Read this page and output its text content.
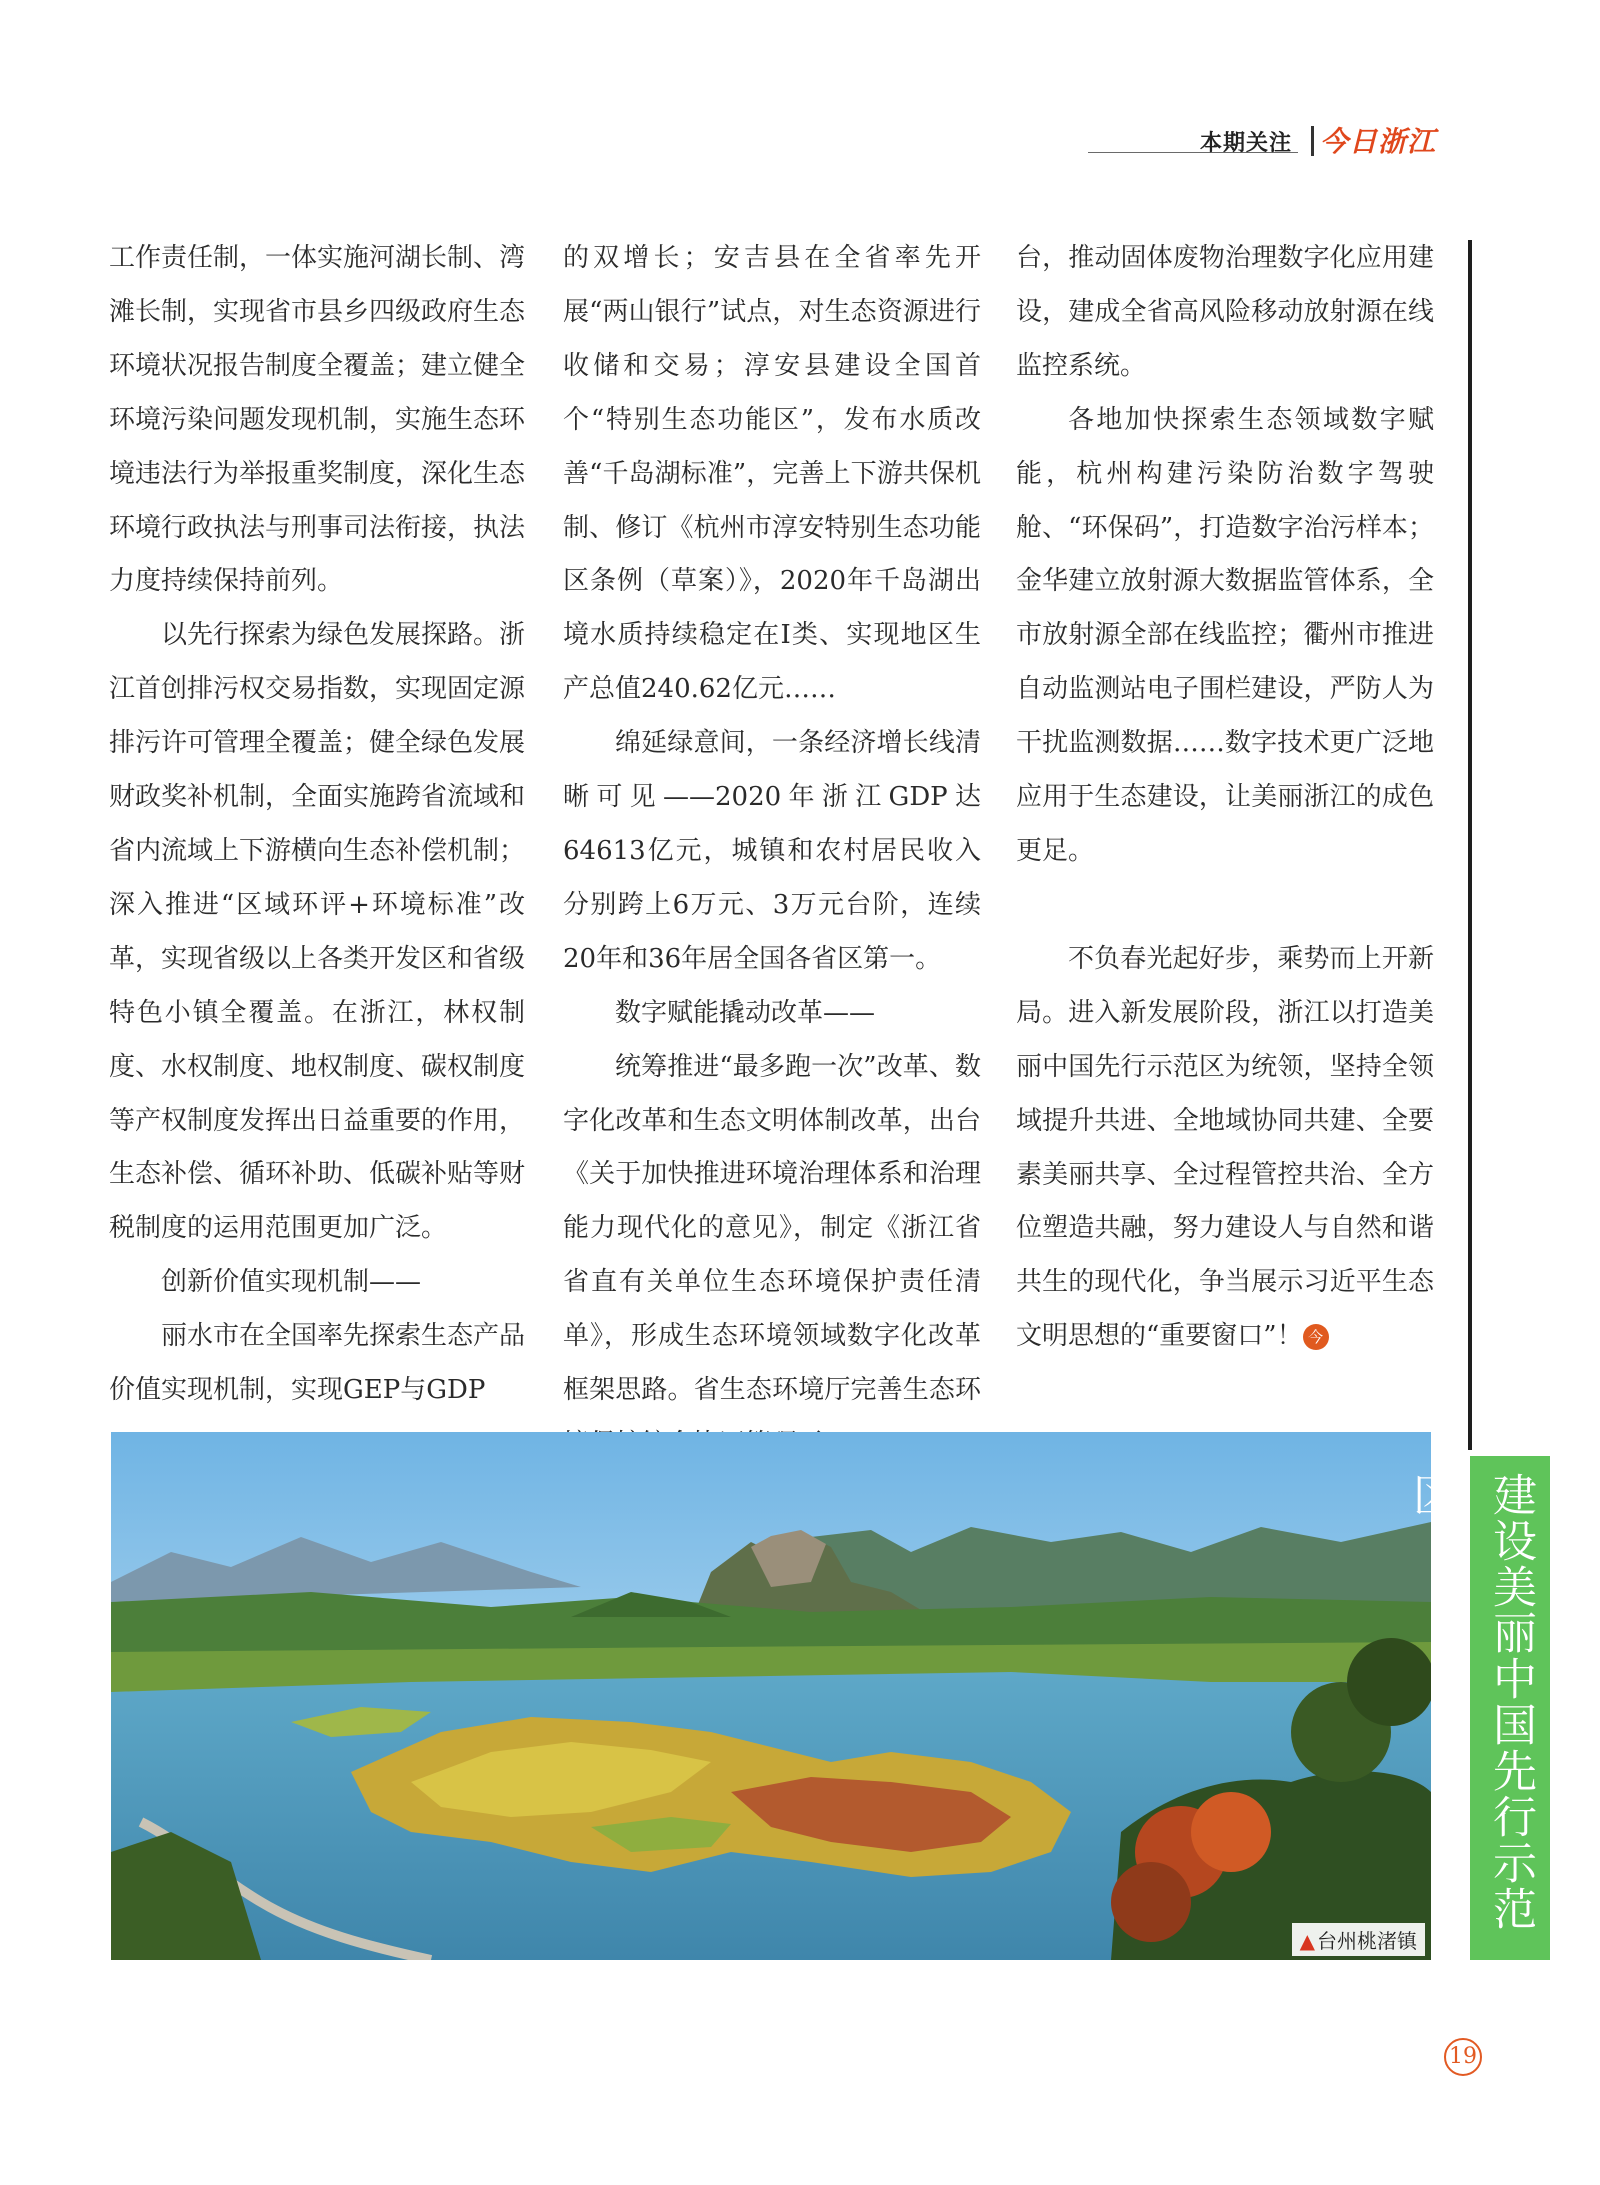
本期关注 今日浙江

工作责任制，一体实施河湖长制、湾滩长制，实现省市县乡四级政府生态环境状况报告制度全覆盖；建立健全环境污染问题发现机制，实施生态环境违法行为举报重奖制度，深化生态环境行政执法与刑事司法衔接，执法力度持续保持前列。

以先行探索为绿色发展探路。浙江首创排污权交易指数，实现固定源排污许可管理全覆盖；健全绿色发展财政奖补机制，全面实施跨省流域和省内流域上下游横向生态补偿机制；深入推进“区域环评+环境标准”改革，实现省级以上各类开发区和省级特色小镇全覆盖。在浙江，林权制度、水权制度、地权制度、碳权制度等产权制度发挥出日益重要的作用，生态补偿、循环补助、低碳补贴等财税制度的运用范围更加广泛。

创新价值实现机制——

丽水市在全国率先探索生态产品价值实现机制，实现GEP与GDP

的双增长；安吉县在全省率先开展“两山银行”试点，对生态资源进行收储和交易；淳安县建设全国首个“特别生态功能区”，发布水质改善“千岛湖标准”，完善上下游共保机制、修订《杭州市淳安特别生态功能区条例（草案）》，2020年千岛湖出境水质持续稳定在Ⅰ类、实现地区生产总值240.62亿元……

绵延绿意间，一条经济增长线清晰可见——2020年浙江GDP达64613亿元，城镇和农村居民收入分别跨上6万元、3万元台阶，连续20年和36年居全国各省区第一。

数字赋能撬动改革——

统筹推进“最多跑一次”改革、数字化改革和生态文明体制改革，出台《关于加快推进环境治理体系和治理能力现代化的意见》，制定《浙江省省直有关单位生态环境保护责任清单》，形成生态环境领域数字化改革框架思路。省生态环境厅完善生态环

台，推动固体废物治理数字化应用建设，建成全省高风险移动放射源在线监控系统。

各地加快探索生态领域数字赋能，杭州构建污染防治数字驾驶舱、“环保码”，打造数字治污样本；金华建立放射源大数据监管体系，全市放射源全部在线监控；衢州市推进自动监测站电子围栏建设，严防人为干扰监测数据……数字技术更广泛地应用于生态建设，让美丽浙江的成色更足。

不负春光起好步，乘势而上开新局。进入新发展阶段，浙江以打造美丽中国先行示范区为统领，坚持全领域提升共进、全地域协同共建、全要素美丽共享、全过程管控共治、全方位塑造共融，努力建设人与自然和谐共生的现代化，争当展示习近平生态文明思想的“重要窗口”！ 今

▲ 台州桃渚镇
建设美丽中国先行示范区
19
